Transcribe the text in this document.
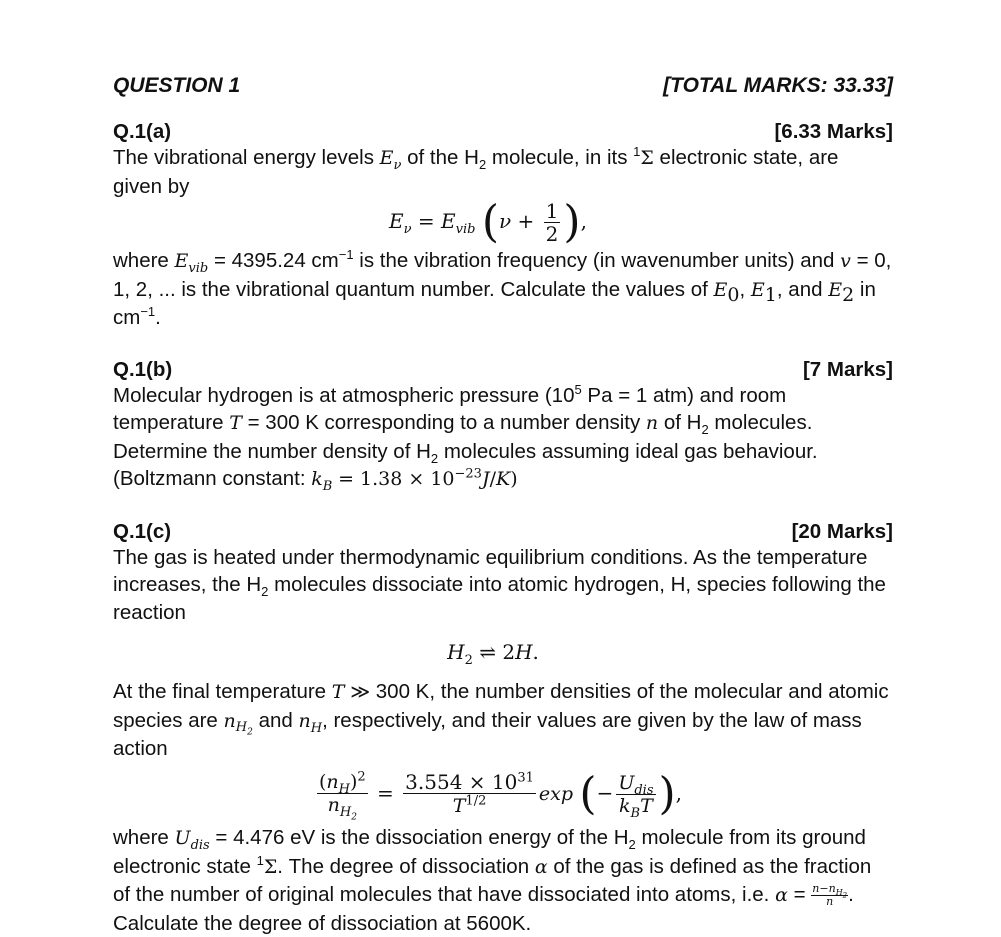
QUESTION 1	[TOTAL MARKS: 33.33]
Q.1(a)	[6.33 Marks]

The vibrational energy levels $E_\nu$ of the $H_2$ molecule, in its $^1$Σ electronic state, are given by

$E_\nu = E_{vib}$ ($\nu + \frac{1}{2}$ ),

where $E_{vib} = 4395.24$ $cm^{-1}$ is the vibration frequency (in wavenumber units) and v = 0, 1, 2, ... is the vibrational quantum number. Calculate the values of $E_0$, $E_1$, and $E_2$ in $cm^{-1}$.

Q.1(b)	[7 Marks]

Molecular hydrogen is at atmospheric pressure ($10^5$ Pa = 1 atm) and room
temperature T = 300 K corresponding to a number density n of $H_2$ molecules.
Determine the number density of $H_2$ molecules assuming ideal gas behaviour.
(Boltzmann constant: $k_B = 1.38 \times 10^{-23}J/K$)

Q.1(c)	[20 Marks]

The gas is heated under thermodynamic equilibrium conditions. As the temperature increases, the $H_2$ molecules dissociate into atomic hydrogen, H, species following the reaction

$H_2$ ⇌ 2H.

At the final temperature T ≫ 300 K, the number densities of the molecular and atomic species are $n_{H_2}$ and $n_H$, respectively, and their values are given by the law of mass action

$\frac{(n_H)^2}{n_{H_2}} = \frac{3.554 \times 10^{31}}{T^{1/2}}$ exp (− $\frac{U_{dis}}{k_BT}$ ),

where $U_{dis} = 4.476$ eV is the dissociation energy of the $H_2$ molecule from its ground electronic state $^1$Σ. The degree of dissociation α of the gas is defined as the fraction of the number of original molecules that have dissociated into atoms, i.e. $\alpha = \frac{n-n_{H_2}}{n}$ .
Calculate the degree of dissociation at 5600K.
